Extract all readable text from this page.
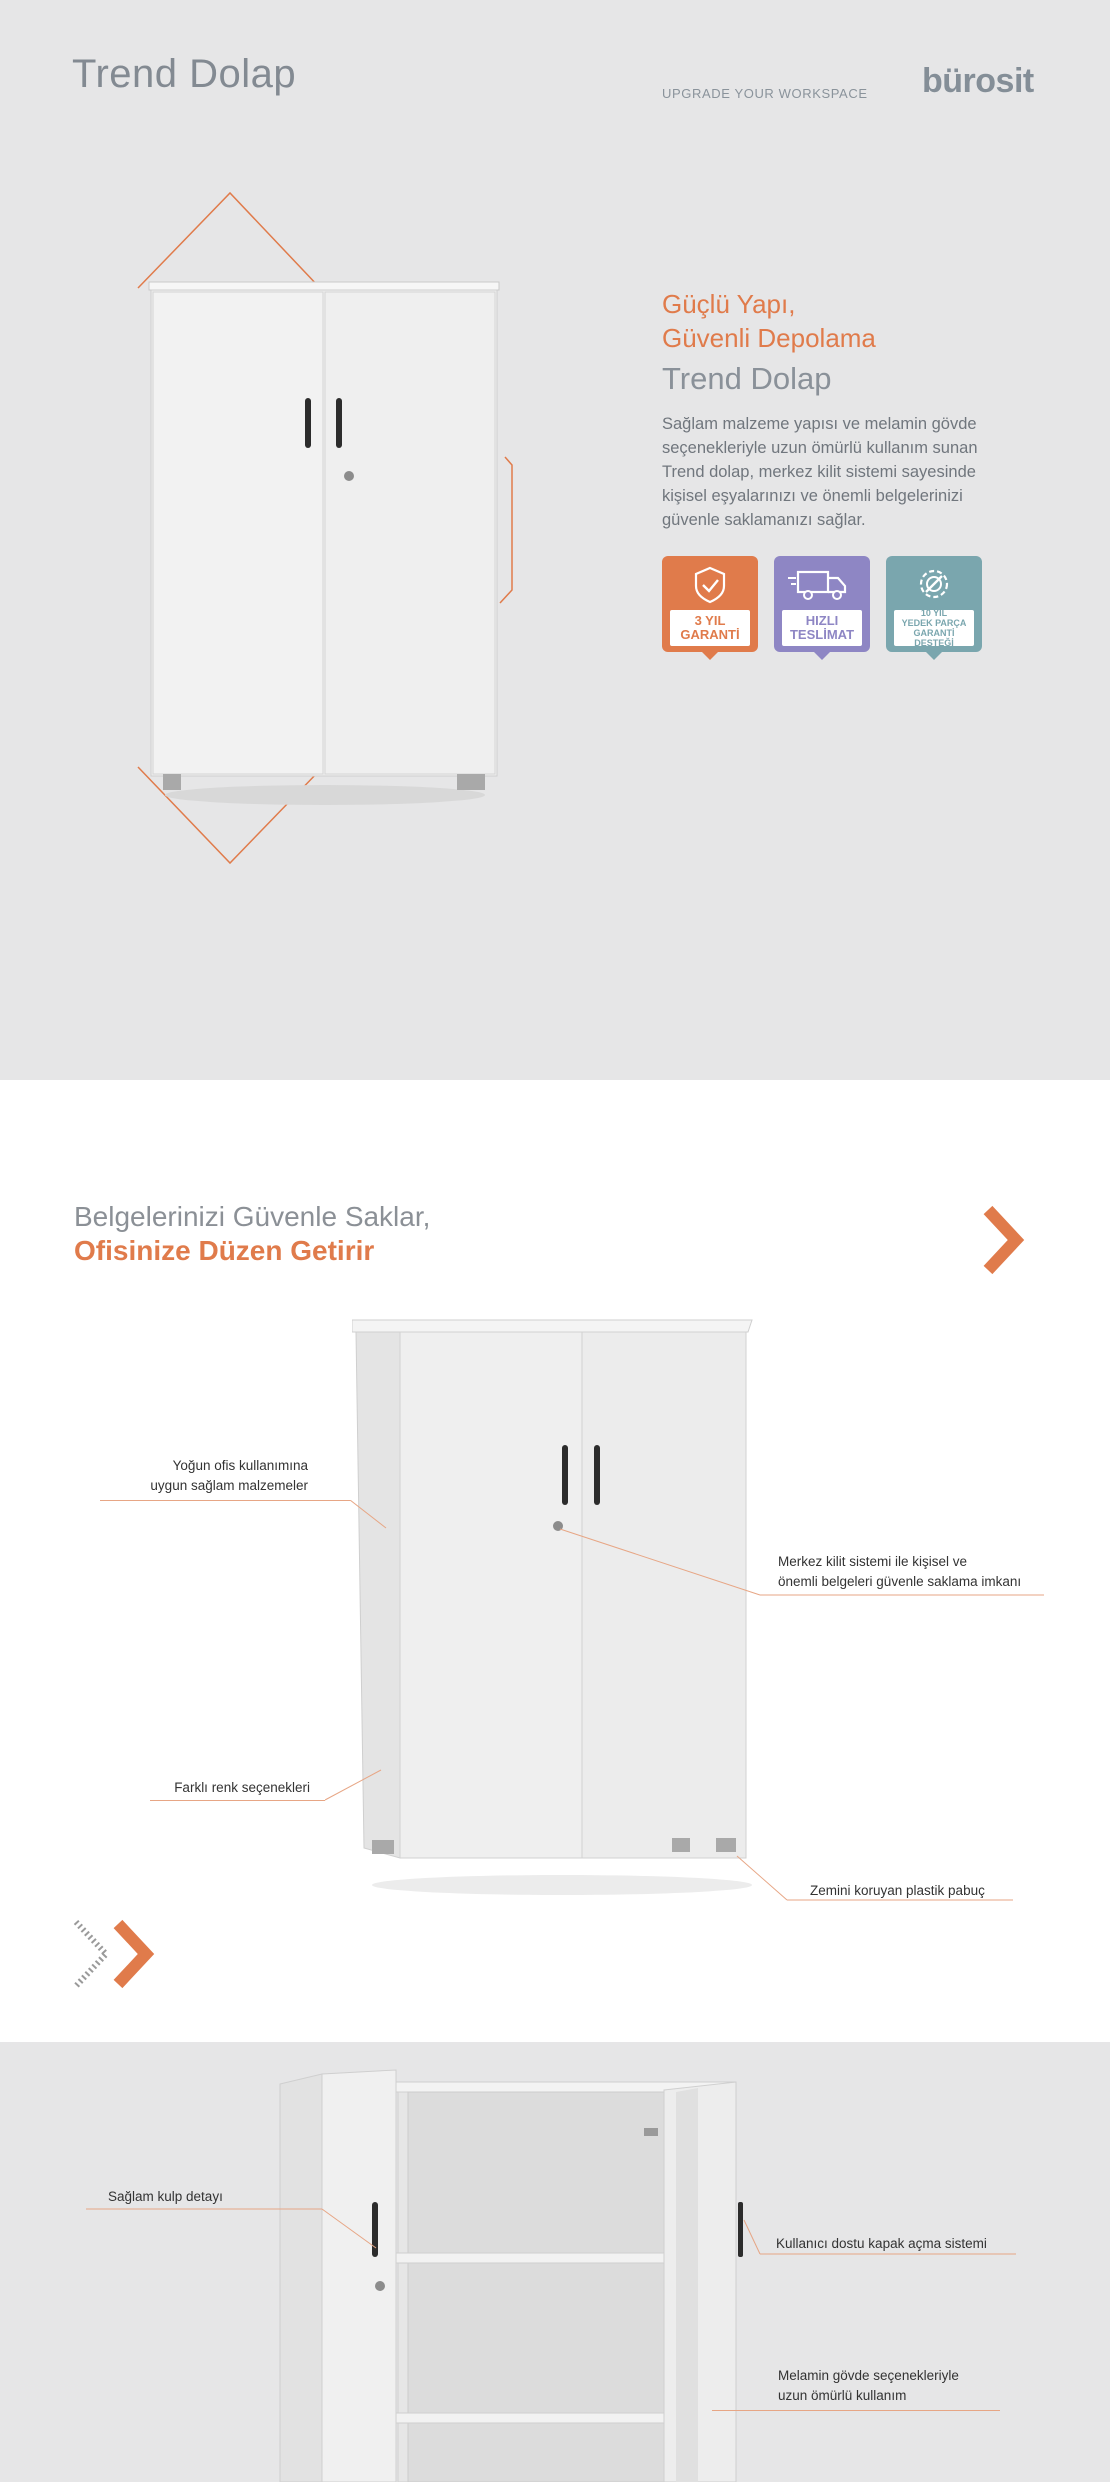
Trend Dolap	UPGRADE YOUR WORKSPACE bürosit
Güçlü Yapı,
Güvenli Depolama
Trend Dolap
Sağlam malzeme yapısı ve melamin gövde seçenekleriyle uzun ömürlü kullanım sunan Trend dolap, merkez kilit sistemi sayesinde kişisel eşyalarınızı ve önemli belgelerinizi güvenle saklamanızı sağlar.
3 YIL
GARANTİ
HIZLI
TESLİMAT
10 YIL
YEDEK PARÇA
GARANTİ DESTEĞİ
Belgelerinizi Güvenle Saklar,
Ofisinize Düzen Getirir
Yoğun ofis kullanımına
uygun sağlam malzemeler
Merkez kilit sistemi ile kişisel ve
önemli belgeleri güvenle saklama imkanı
Farklı renk seçenekleri
Zemini koruyan plastik pabuç
Sağlam kulp detayı
Kullanıcı dostu kapak açma sistemi
Melamin gövde seçenekleriyle
uzun ömürlü kullanım
